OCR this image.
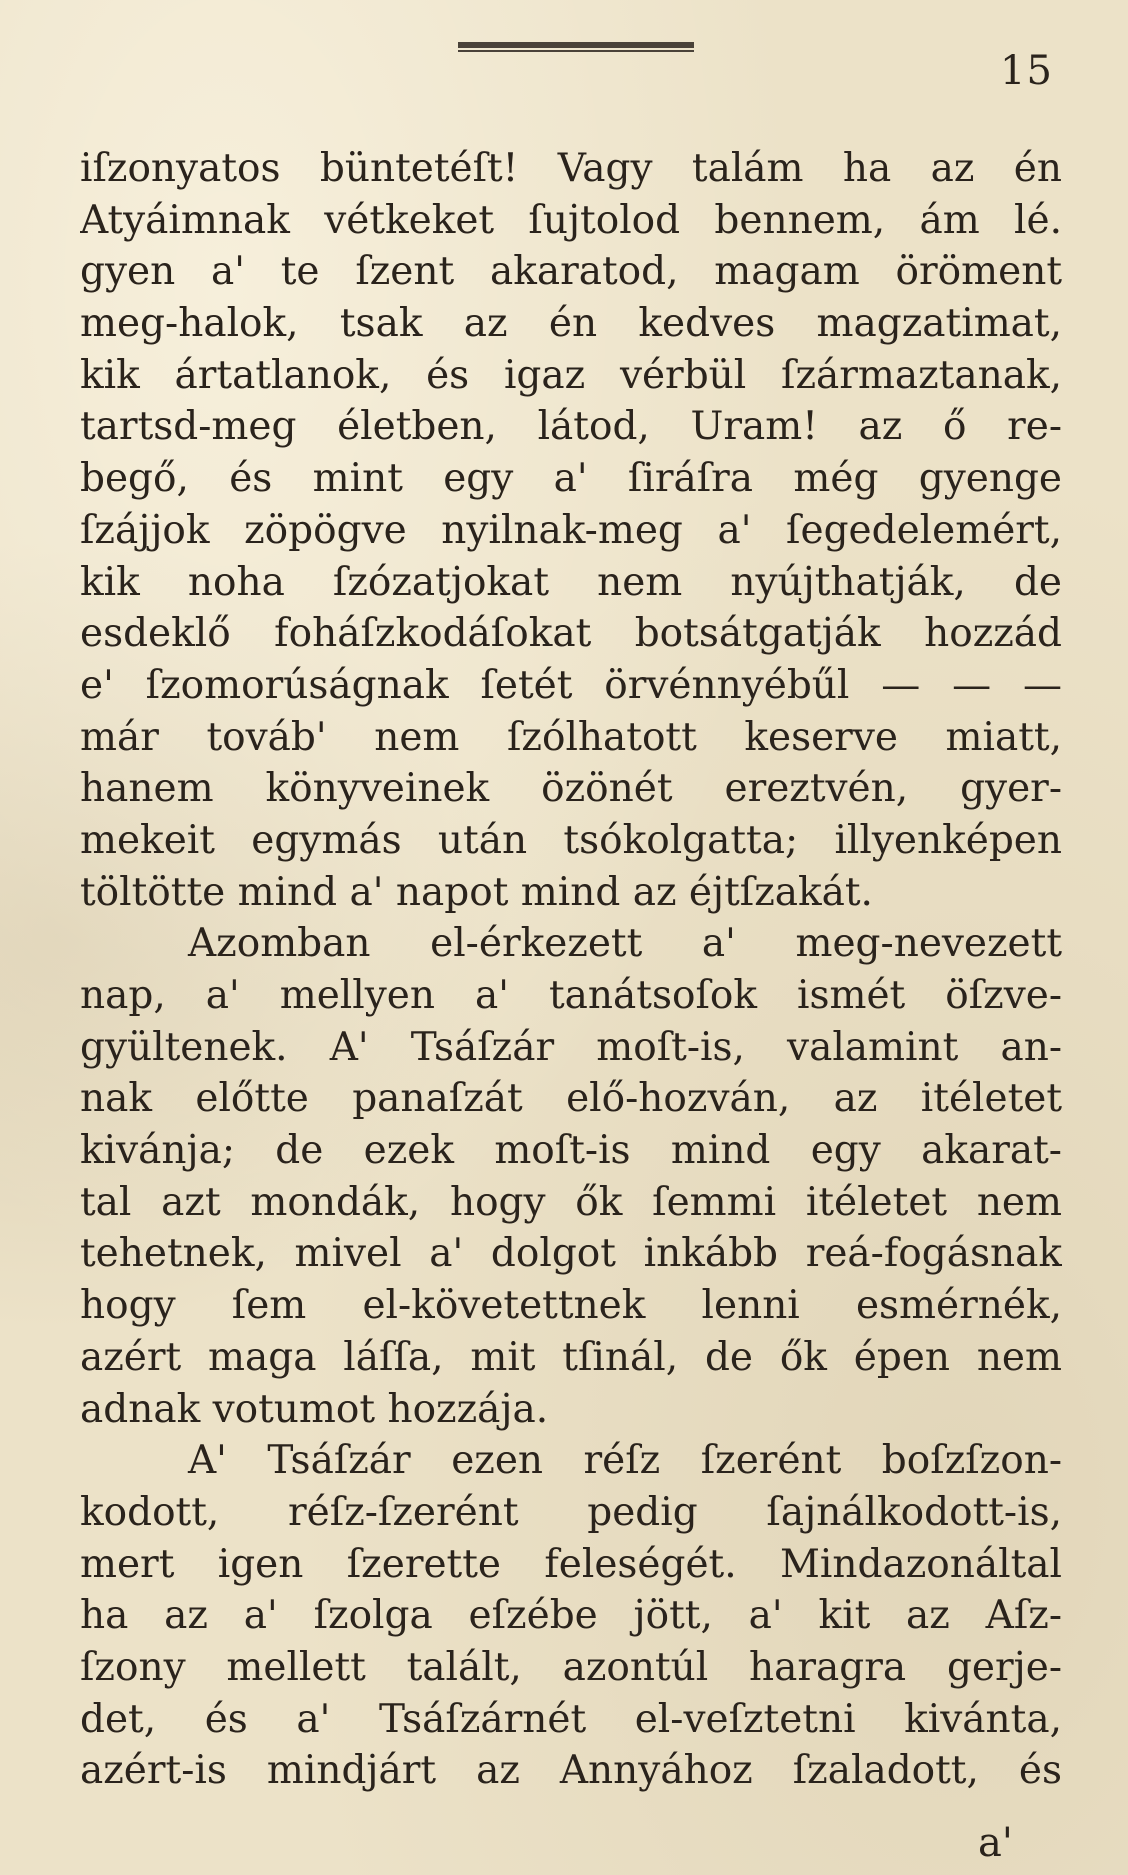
15
iſzonyatos büntetéſt! Vagy talám ha az én
Atyáimnak vétkeket ſujtolod bennem, ám lé.
gyen a' te ſzent akaratod, magam öröment
meg-halok, tsak az én kedves magzatimat,
kik ártatlanok, és igaz vérbül ſzármaztanak,
tartsd-meg életben, látod, Uram! az ő re-
begő, és mint egy a' ſiráſra még gyenge
ſzájjok zöpögve nyilnak-meg a' ſegedelemért,
kik noha ſzózatjokat nem nyújthatják, de
esdeklő foháſzkodáſokat botsátgatják hozzád
e' ſzomorúságnak ſetét örvénnyébűl — — —
már továb' nem ſzólhatott keserve miatt,
hanem könyveinek özönét ereztvén, gyer-
mekeit egymás után tsókolgatta; illyenképen
töltötte mind a' napot mind az éjtſzakát.
Azomban el-érkezett a' meg-nevezett
nap, a' mellyen a' tanátsoſok ismét öſzve-
gyültenek. A' Tsáſzár moſt-is, valamint an-
nak előtte panaſzát elő-hozván, az itéletet
kivánja; de ezek moſt-is mind egy akarat-
tal azt mondák, hogy ők ſemmi itéletet nem
tehetnek, mivel a' dolgot inkább reá-fogásnak
hogy ſem el-követettnek lenni esmérnék,
azért maga láſſa, mit tſinál, de ők épen nem
adnak votumot hozzája.
A' Tsáſzár ezen réſz ſzerént boſzſzon-
kodott, réſz-ſzerént pedig ſajnálkodott-is,
mert igen ſzerette feleségét. Mindazonáltal
ha az a' ſzolga eſzébe jött, a' kit az Aſz-
ſzony mellett talált, azontúl haragra gerje-
det, és a' Tsáſzárnét el-veſztetni kivánta,
azért-is mindjárt az Annyához ſzaladott, és
a'
